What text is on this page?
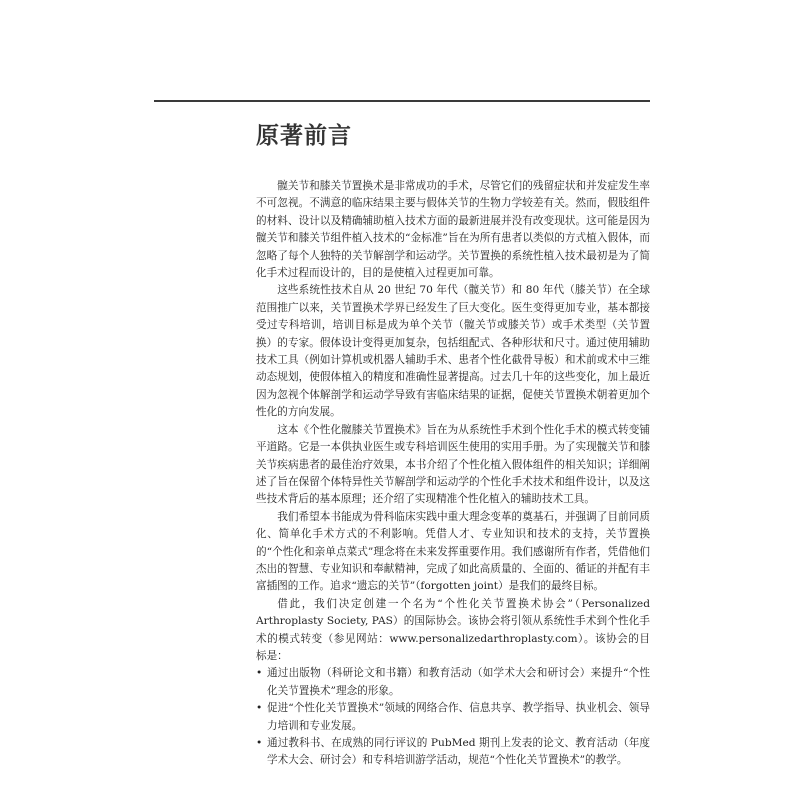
原著前言

髋关节和膝关节置换术是非常成功的手术，尽管它们的残留症状和并发症发生率不可忽视。不满意的临床结果主要与假体关节的生物力学较差有关。然而，假肢组件的材料、设计以及精确辅助植入技术方面的最新进展并没有改变现状。这可能是因为髋关节和膝关节组件植入技术的“金标准”旨在为所有患者以类似的方式植入假体，而忽略了每个人独特的关节解剖学和运动学。关节置换的系统性植入技术最初是为了简化手术过程而设计的，目的是使植入过程更加可靠。

这些系统性技术自从 20 世纪 70 年代（髋关节）和 80 年代（膝关节）在全球范围推广以来，关节置换术学界已经发生了巨大变化。医生变得更加专业，基本都接受过专科培训，培训目标是成为单个关节（髋关节或膝关节）或手术类型（关节置换）的专家。假体设计变得更加复杂，包括组配式、各种形状和尺寸。通过使用辅助技术工具（例如计算机或机器人辅助手术、患者个性化截骨导板）和术前或术中三维动态规划，使假体植入的精度和准确性显著提高。过去几十年的这些变化，加上最近因为忽视个体解剖学和运动学导致有害临床结果的证据，促使关节置换术朝着更加个性化的方向发展。

这本《个性化髋膝关节置换术》旨在为从系统性手术到个性化手术的模式转变铺平道路。它是一本供执业医生或专科培训医生使用的实用手册。为了实现髋关节和膝关节疾病患者的最佳治疗效果，本书介绍了个性化植入假体组件的相关知识；详细阐述了旨在保留个体特异性关节解剖学和运动学的个性化手术技术和组件设计，以及这些技术背后的基本原理；还介绍了实现精准个性化植入的辅助技术工具。

我们希望本书能成为骨科临床实践中重大理念变革的奠基石，并强调了目前同质化、简单化手术方式的不利影响。凭借人才、专业知识和技术的支持，关节置换的“个性化和亲单点菜式”理念将在未来发挥重要作用。我们感谢所有作者，凭借他们杰出的智慧、专业知识和奉献精神，完成了如此高质量的、全面的、循证的并配有丰富插图的工作。追求“遗忘的关节”（forgotten joint）是我们的最终目标。

借此，我们决定创建一个名为“个性化关节置换术协会”（Personalized Arthroplasty Society, PAS）的国际协会。该协会将引领从系统性手术到个性化手术的模式转变（参见网站：www.personalizedarthroplasty.com）。该协会的目标是：

• 通过出版物（科研论文和书籍）和教育活动（如学术大会和研讨会）来提升“个性化关节置换术”理念的形象。
• 促进“个性化关节置换术”领域的网络合作、信息共享、教学指导、执业机会、领导力培训和专业发展。
• 通过教科书、在成熟的同行评议的 PubMed 期刊上发表的论文、教育活动（年度学术大会、研讨会）和专科培训游学活动，规范“个性化关节置换术”的教学。
